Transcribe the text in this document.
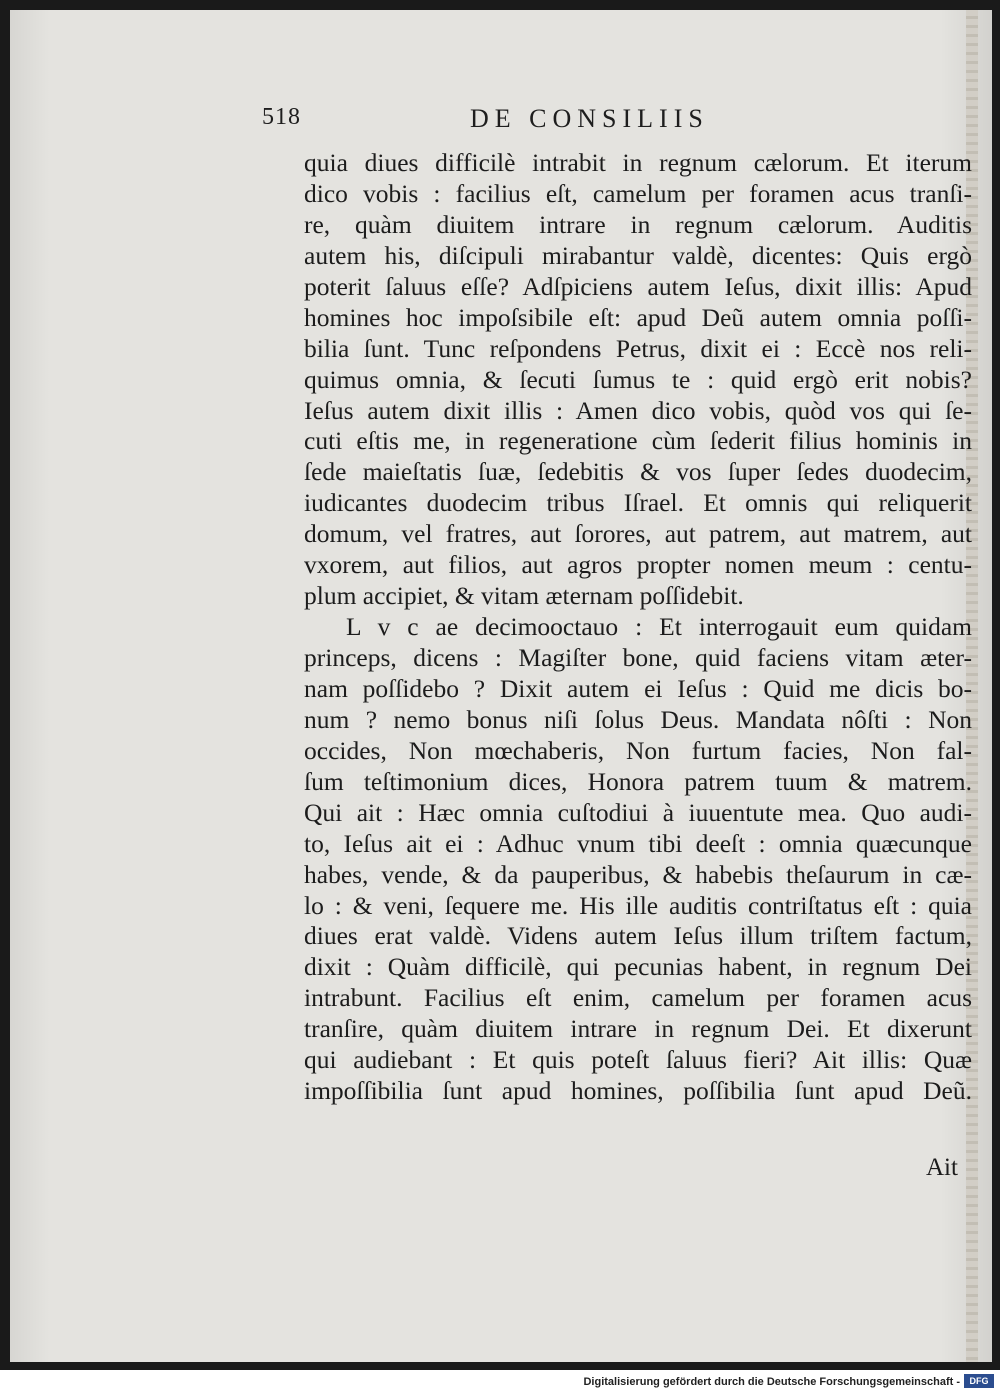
518	DE CONSILIIS
quia diues difficilè intrabit in regnum cælorum. Et iterum
dico vobis : facilius eſt, camelum per foramen acus tranſi-
re, quàm diuitem intrare in regnum cælorum. Auditis
autem his, diſcipuli mirabantur valdè, dicentes: Quis ergò
poterit ſaluus eſſe? Adſpiciens autem Ieſus, dixit illis: Apud
homines hoc impoſsibile eſt: apud Deũ autem omnia poſſi-
bilia ſunt. Tunc reſpondens Petrus, dixit ei : Eccè nos reli-
quimus omnia, & ſecuti ſumus te : quid ergò erit nobis?
Ieſus autem dixit illis : Amen dico vobis, quòd vos qui ſe-
cuti eſtis me, in regeneratione cùm ſederit filius hominis in
ſede maieſtatis ſuæ, ſedebitis & vos ſuper ſedes duodecim,
iudicantes duodecim tribus Iſrael. Et omnis qui reliquerit
domum, vel fratres, aut ſorores, aut patrem, aut matrem, aut
vxorem, aut filios, aut agros propter nomen meum : centu-
plum accipiet, & vitam æternam poſſidebit.
L v c ae decimooctauo : Et interrogauit eum quidam
princeps, dicens : Magiſter bone, quid faciens vitam æter-
nam poſſidebo ? Dixit autem ei Ieſus : Quid me dicis bo-
num ? nemo bonus niſi ſolus Deus. Mandata nôſti : Non
occides, Non mœchaberis, Non furtum facies, Non fal-
ſum teſtimonium dices, Honora patrem tuum & matrem.
Qui ait : Hæc omnia cuſtodiui à iuuentute mea. Quo audi-
to, Ieſus ait ei : Adhuc vnum tibi deeſt : omnia quæcunque
habes, vende, & da pauperibus, & habebis theſaurum in cæ-
lo : & veni, ſequere me. His ille auditis contriſtatus eſt : quia
diues erat valdè. Videns autem Ieſus illum triſtem factum,
dixit : Quàm difficilè, qui pecunias habent, in regnum Dei
intrabunt. Facilius eſt enim, camelum per foramen acus
tranſire, quàm diuitem intrare in regnum Dei. Et dixerunt
qui audiebant : Et quis poteſt ſaluus fieri? Ait illis: Quæ
impoſſibilia ſunt apud homines, poſſibilia ſunt apud Deũ.
Ait
Digitalisierung gefördert durch die Deutsche Forschungsgemeinschaft -	DFG
